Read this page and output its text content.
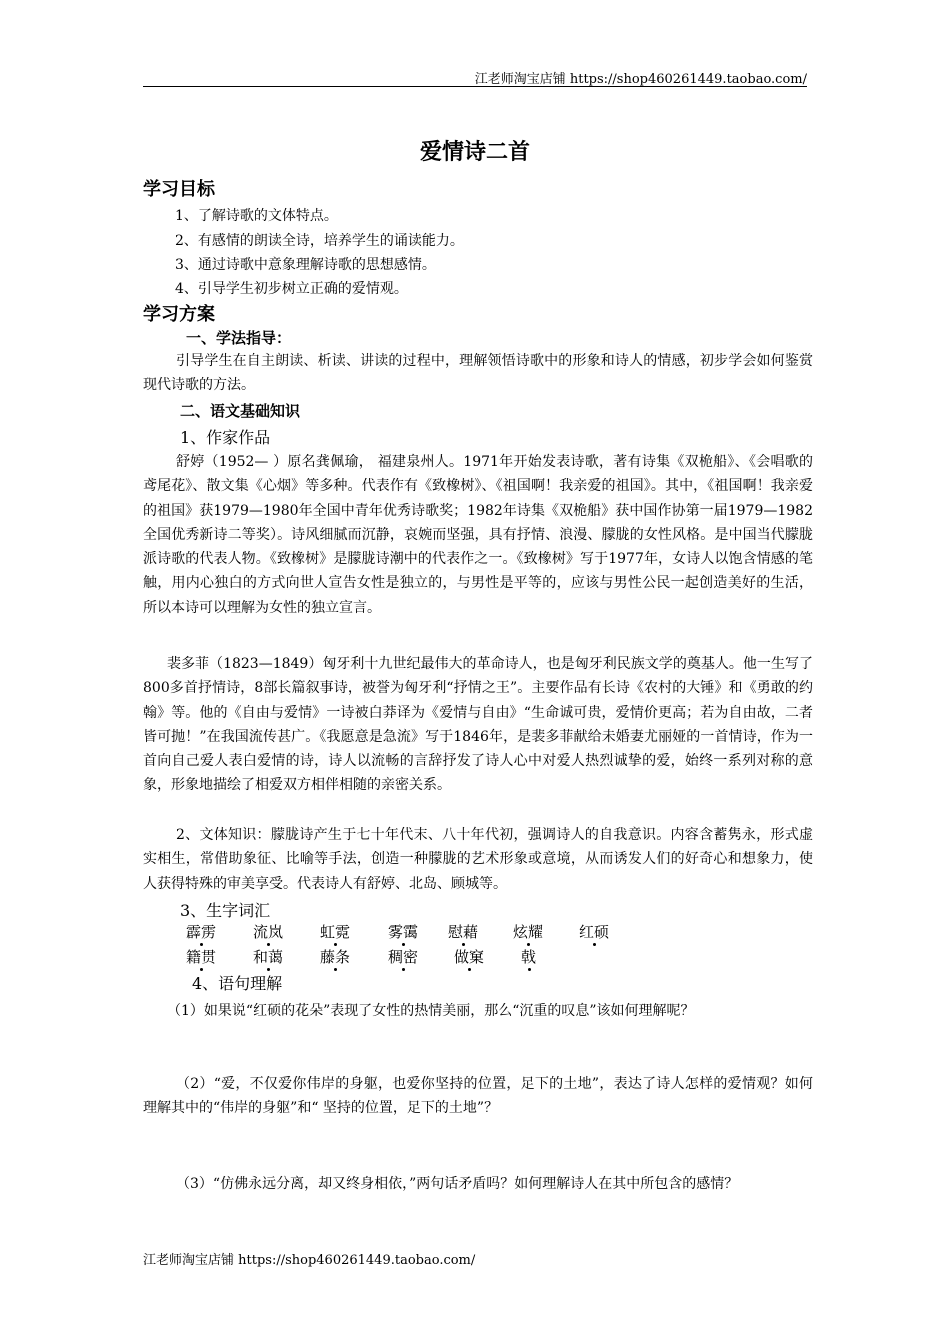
江老师淘宝店铺 https://shop460261449.taobao.com/
爱情诗二首
学习目标
1、了解诗歌的文体特点。
2、有感情的朗读全诗，培养学生的诵读能力。
3、通过诗歌中意象理解诗歌的思想感情。
4、引导学生初步树立正确的爱情观。
学习方案
一、学法指导：
引导学生在自主朗读、析读、讲读的过程中，理解领悟诗歌中的形象和诗人的情感，初步学会如何鉴赏现代诗歌的方法。
二、语文基础知识
1、作家作品
舒婷（1952— ）原名龚佩瑜， 福建泉州人。1971年开始发表诗歌，著有诗集《双桅船》、《会唱歌的鸢尾花》、散文集《心烟》等多种。代表作有《致橡树》、《祖国啊！我亲爱的祖国》。其中，《祖国啊！我亲爱的祖国》获1979—1980年全国中青年优秀诗歌奖；1982年诗集《双桅船》获中国作协第一届1979—1982全国优秀新诗二等奖）。诗风细腻而沉静，哀婉而坚强，具有抒情、浪漫、朦胧的女性风格。是中国当代朦胧派诗歌的代表人物。《致橡树》是朦胧诗潮中的代表作之一。《致橡树》写于1977年，女诗人以饱含情感的笔触，用内心独白的方式向世人宣告女性是独立的，与男性是平等的，应该与男性公民一起创造美好的生活，所以本诗可以理解为女性的独立宣言。
裴多菲（1823—1849）匈牙利十九世纪最伟大的革命诗人，也是匈牙利民族文学的奠基人。他一生写了800多首抒情诗，8部长篇叙事诗，被誉为匈牙利“抒情之王”。主要作品有长诗《农村的大锤》和《勇敢的约翰》等。他的《自由与爱情》一诗被白莽译为《爱情与自由》“生命诚可贵，爱情价更高；若为自由故，二者皆可抛！”在我国流传甚广。《我愿意是急流》写于1846年，是裴多菲献给未婚妻尤丽娅的一首情诗，作为一首向自己爱人表白爱情的诗，诗人以流畅的言辞抒发了诗人心中对爱人热烈诚挚的爱，始终一系列对称的意象，形象地描绘了相爱双方相伴相随的亲密关系。
2、文体知识：朦胧诗产生于七十年代末、八十年代初，强调诗人的自我意识。内容含蓄隽永，形式虚实相生，常借助象征、比喻等手法，创造一种朦胧的艺术形象或意境，从而诱发人们的好奇心和想象力，使人获得特殊的审美享受。代表诗人有舒婷、北岛、顾城等。
3、生字词汇
霹雳 流岚 虹霓	雾霭 慰藉 炫耀 红硕
籍贯 和蔼 藤条	稠密 做窠 戟
4、语句理解
（1）如果说“红硕的花朵”表现了女性的热情美丽，那么“沉重的叹息”该如何理解呢？
（2）“爱，不仅爱你伟岸的身躯，也爱你坚持的位置，足下的土地”，表达了诗人怎样的爱情观？如何理解其中的“伟岸的身躯”和“ 坚持的位置，足下的土地”？
（3）“仿佛永远分离，却又终身相依，”两句话矛盾吗？如何理解诗人在其中所包含的感情？
江老师淘宝店铺 https://shop460261449.taobao.com/
